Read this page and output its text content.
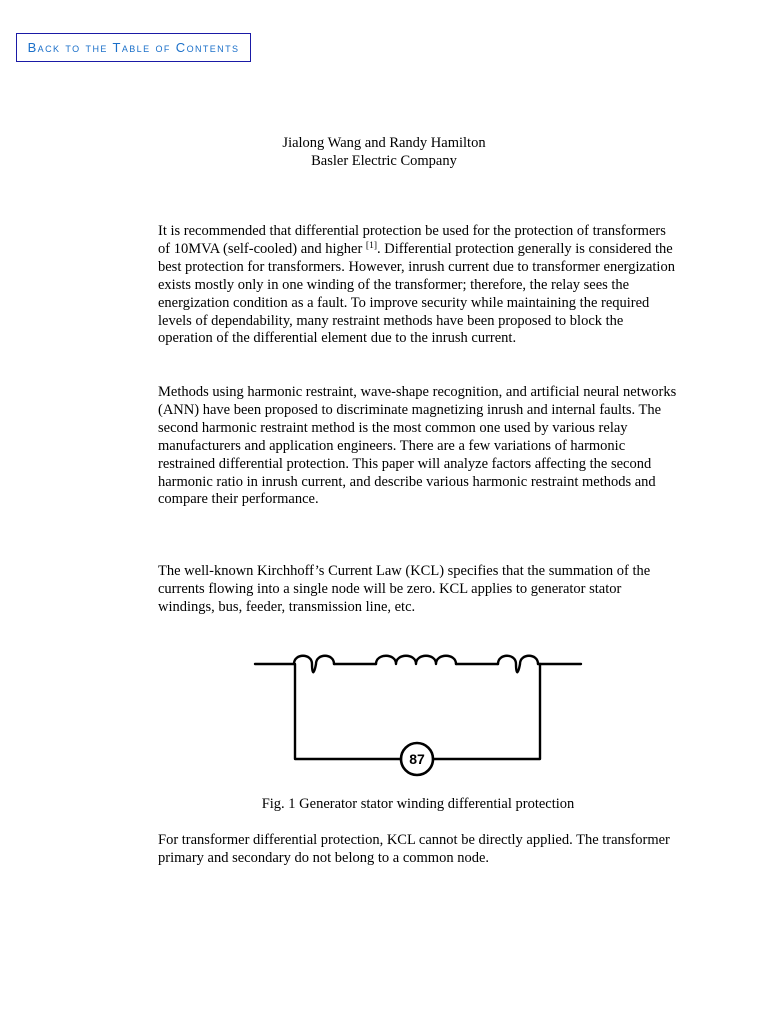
Back to the Table of Contents
Jialong Wang and Randy Hamilton
Basler Electric Company

It is recommended that differential protection be used for the protection of transformers of 10MVA (self-cooled) and higher [1]. Differential protection generally is considered the best protection for transformers. However, inrush current due to transformer energization exists mostly only in one winding of the transformer; therefore, the relay sees the energization condition as a fault. To improve security while maintaining the required levels of dependability, many restraint methods have been proposed to block the operation of the differential element due to the inrush current.

Methods using harmonic restraint, wave-shape recognition, and artificial neural networks (ANN) have been proposed to discriminate magnetizing inrush and internal faults. The second harmonic restraint method is the most common one used by various relay manufacturers and application engineers. There are a few variations of harmonic restrained differential protection. This paper will analyze factors affecting the second harmonic ratio in inrush current, and describe various harmonic restraint methods and compare their performance.

The well-known Kirchhoff’s Current Law (KCL) specifies that the summation of the currents flowing into a single node will be zero. KCL applies to generator stator windings, bus, feeder, transmission line, etc.

87
Fig. 1 Generator stator winding differential protection

For transformer differential protection, KCL cannot be directly applied. The transformer primary and secondary do not belong to a common node.
